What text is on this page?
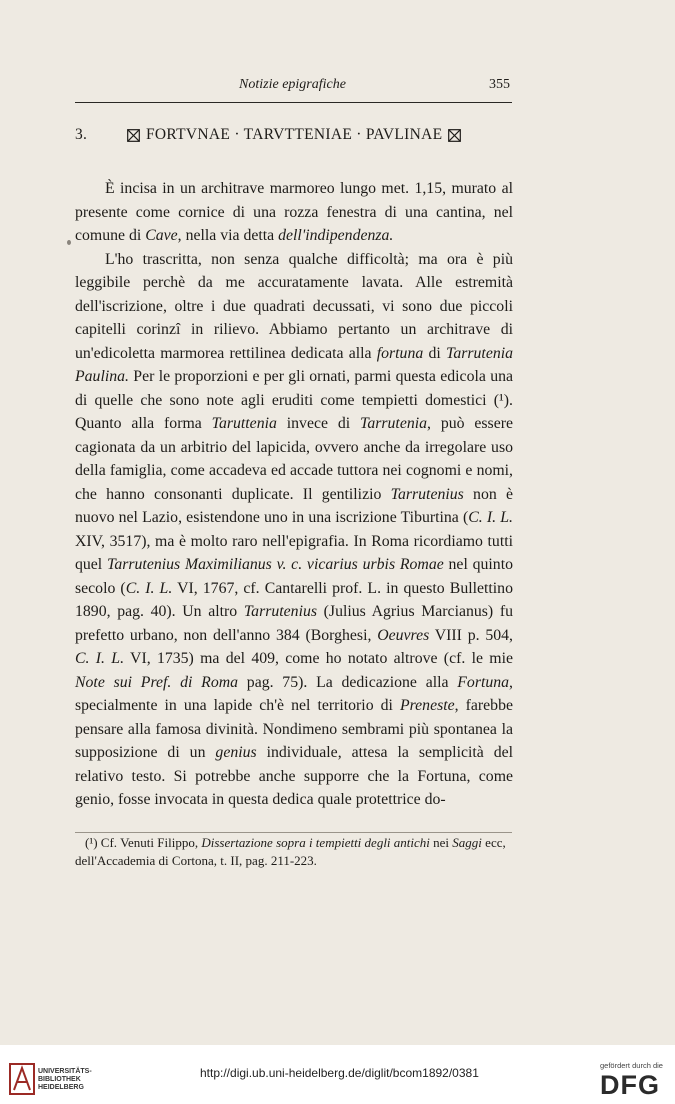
Notizie epigrafiche	355
3.	FORTVNAE · TARVTTENIAE · PAVLINAE

È incisa in un architrave marmoreo lungo met. 1,15, murato al presente come cornice di una rozza fenestra di una cantina, nel comune di Cave, nella via detta dell'indipendenza.

L'ho trascritta, non senza qualche difficoltà; ma ora è più leggibile perchè da me accuratamente lavata. Alle estremità dell'iscrizione, oltre i due quadrati decussati, vi sono due piccoli capitelli corinzî in rilievo. Abbiamo pertanto un architrave di un'edicoletta marmorea rettilinea dedicata alla fortuna di Tarrutenia Paulina. Per le proporzioni e per gli ornati, parmi questa edicola una di quelle che sono note agli eruditi come tempietti domestici (¹). Quanto alla forma Taruttenia invece di Tarrutenia, può essere cagionata da un arbitrio del lapicida, ovvero anche da irregolare uso della famiglia, come accadeva ed accade tuttora nei cognomi e nomi, che hanno consonanti duplicate. Il gentilizio Tarrutenius non è nuovo nel Lazio, esistendone uno in una iscrizione Tiburtina (C. I. L. XIV, 3517), ma è molto raro nell'epigrafia. In Roma ricordiamo tutti quel Tarrutenius Maximilianus v. c. vicarius urbis Romae nel quinto secolo (C. I. L. VI, 1767, cf. Cantarelli prof. L. in questo Bullettino 1890, pag. 40). Un altro Tarrutenius (Julius Agrius Marcianus) fu prefetto urbano, non dell'anno 384 (Borghesi, Oeuvres VIII p. 504, C. I. L. VI, 1735) ma del 409, come ho notato altrove (cf. le mie Note sui Pref. di Roma pag. 75). La dedicazione alla Fortuna, specialmente in una lapide ch'è nel territorio di Preneste, farebbe pensare alla famosa divinità. Nondimeno sembrami più spontanea la supposizione di un genius individuale, attesa la semplicità del relativo testo. Si potrebbe anche supporre che la Fortuna, come genio, fosse invocata in questa dedica quale protettrice do-

(¹) Cf. Venuti Filippo, Dissertazione sopra i tempietti degli antichi nei Saggi ecc, dell'Accademia di Cortona, t. II, pag. 211-223.

UNIVERSITÄTS-
BIBLIOTHEK
HEIDELBERG
http://digi.ub.uni-heidelberg.de/diglit/bcom1892/0381
gefördert durch die
DFG
